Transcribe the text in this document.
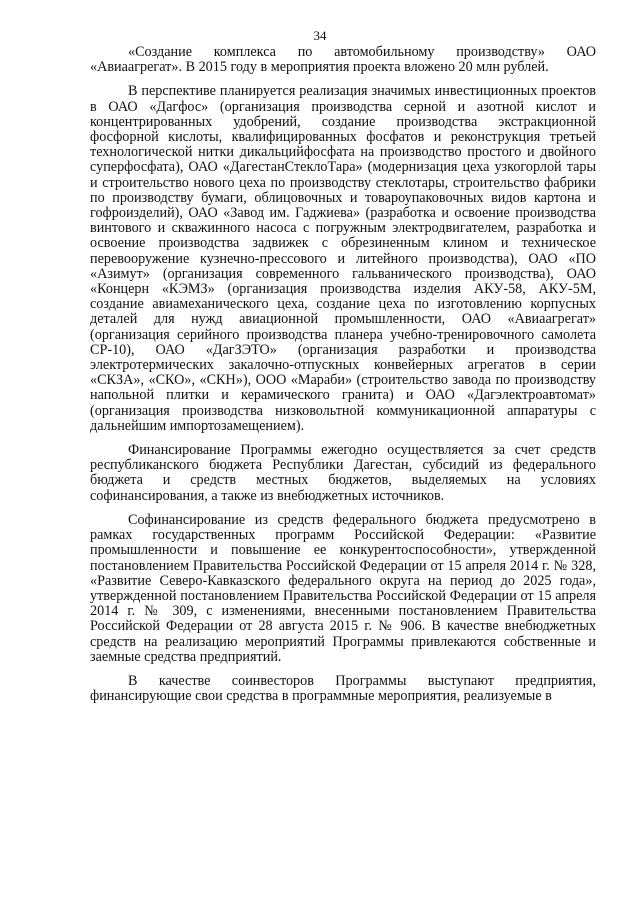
34

«Создание комплекса по автомобильному производству» ОАО «Авиаагрегат». В 2015 году в мероприятия проекта вложено 20 млн рублей.

В перспективе планируется реализация значимых инвестиционных проектов в ОАО «Дагфос» (организация производства серной и азотной кислот и концентрированных удобрений, создание производства экстракционной фосфорной кислоты, квалифицированных фосфатов и реконструкция третьей технологической нитки дикальцийфосфата на производство простого и двойного суперфосфата), ОАО «ДагестанСтеклоТара» (модернизация цеха узкогорлой тары и строительство нового цеха по производству стеклотары, строительство фабрики по производству бумаги, облицовочных и товароупаковочных видов картона и гофроизделий), ОАО «Завод им. Гаджиева» (разработка и освоение производства винтового и скважинного насоса с погружным электродвигателем, разработка и освоение производства задвижек с обрезиненным клином и техническое перевооружение кузнечно-прессового и литейного производства), ОАО «ПО «Азимут» (организация современного гальванического производства), ОАО «Концерн «КЭМЗ» (организация производства изделия АКУ-58, АКУ-5М, создание авиамеханического цеха, создание цеха по изготовлению корпусных деталей для нужд авиационной промышленности, ОАО «Авиаагрегат» (организация серийного производства планера учебно-тренировочного самолета СР-10), ОАО «ДагЗЭТО» (организация разработки и производства электротермических закалочно-отпускных конвейерных агрегатов в серии «СКЗА», «СКО», «СКН»), ООО «Мараби» (строительство завода по производству напольной плитки и керамического гранита) и ОАО «Дагэлектроавтомат» (организация производства низковольтной коммуникационной аппаратуры с дальнейшим импортозамещением).

Финансирование Программы ежегодно осуществляется за счет средств республиканского бюджета Республики Дагестан, субсидий из федерального бюджета и средств местных бюджетов, выделяемых на условиях софинансирования, а также из внебюджетных источников.

Софинансирование из средств федерального бюджета предусмотрено в рамках государственных программ Российской Федерации: «Развитие промышленности и повышение ее конкурентоспособности», утвержденной постановлением Правительства Российской Федерации от 15 апреля 2014 г. № 328, «Развитие Северо-Кавказского федерального округа на период до 2025 года», утвержденной постановлением Правительства Российской Федерации от 15 апреля 2014 г. № 309, с изменениями, внесенными постановлением Правительства Российской Федерации от 28 августа 2015 г. № 906. В качестве внебюджетных средств на реализацию мероприятий Программы привлекаются собственные и заемные средства предприятий.

В качестве соинвесторов Программы выступают предприятия, финансирующие свои средства в программные мероприятия, реализуемые в
